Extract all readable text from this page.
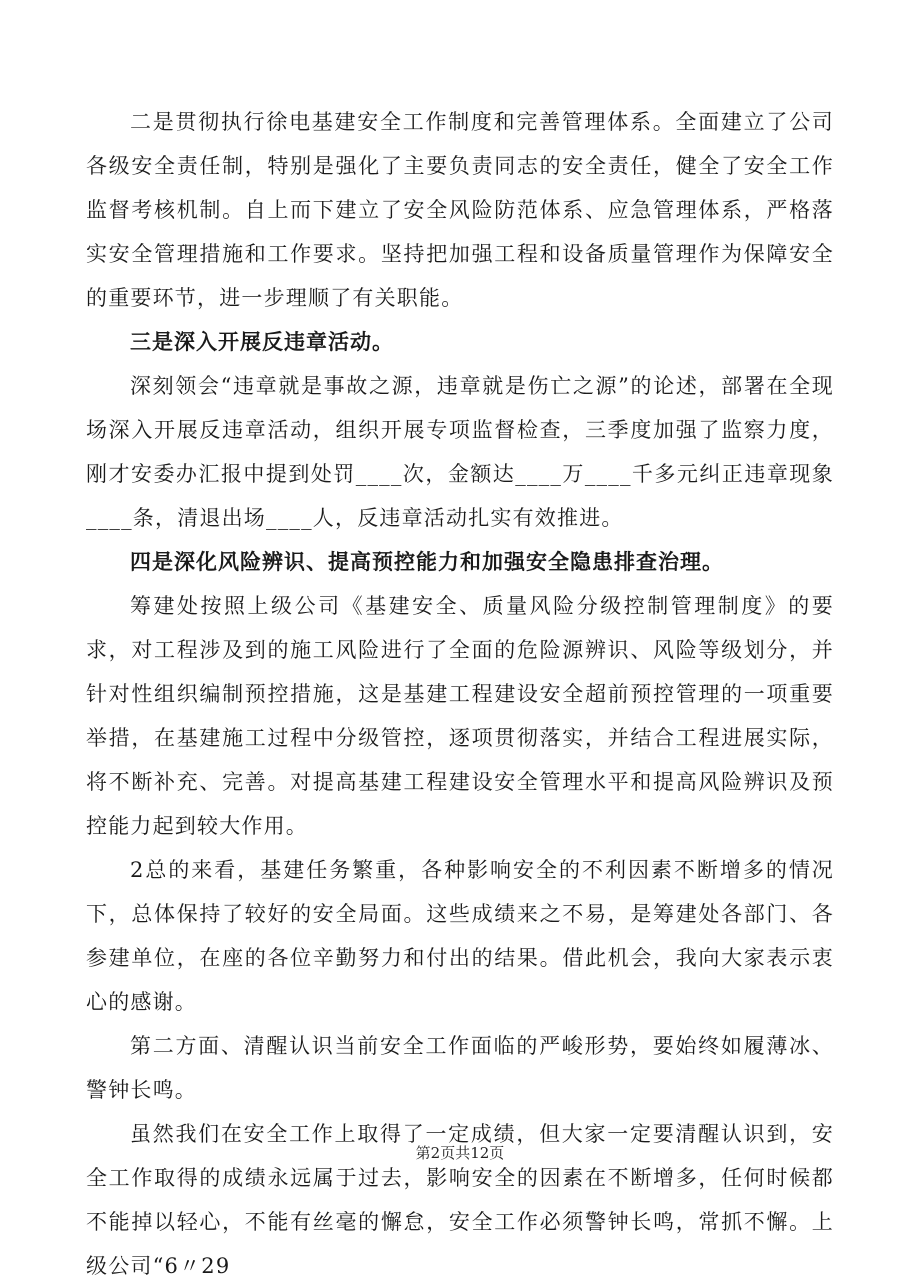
二是贯彻执行徐电基建安全工作制度和完善管理体系。全面建立了公司各级安全责任制，特别是强化了主要负责同志的安全责任，健全了安全工作监督考核机制。自上而下建立了安全风险防范体系、应急管理体系，严格落实安全管理措施和工作要求。坚持把加强工程和设备质量管理作为保障安全的重要环节，进一步理顺了有关职能。

三是深入开展反违章活动。

深刻领会“违章就是事故之源，违章就是伤亡之源”的论述，部署在全现场深入开展反违章活动，组织开展专项监督检查，三季度加强了监察力度，刚才安委办汇报中提到处罚____次，金额达____万____千多元纠正违章现象____条，清退出场____人，反违章活动扎实有效推进。

四是深化风险辨识、提高预控能力和加强安全隐患排查治理。

筹建处按照上级公司《基建安全、质量风险分级控制管理制度》的要求，对工程涉及到的施工风险进行了全面的危险源辨识、风险等级划分，并针对性组织编制预控措施，这是基建工程建设安全超前预控管理的一项重要举措，在基建施工过程中分级管控，逐项贯彻落实，并结合工程进展实际，将不断补充、完善。对提高基建工程建设安全管理水平和提高风险辨识及预控能力起到较大作用。

2总的来看，基建任务繁重，各种影响安全的不利因素不断增多的情况下，总体保持了较好的安全局面。这些成绩来之不易，是筹建处各部门、各参建单位，在座的各位辛勤努力和付出的结果。借此机会，我向大家表示衷心的感谢。

第二方面、清醒认识当前安全工作面临的严峻形势，要始终如履薄冰、警钟长鸣。

虽然我们在安全工作上取得了一定成绩，但大家一定要清醒认识到，安全工作取得的成绩永远属于过去，影响安全的因素在不断增多，任何时候都不能掉以轻心，不能有丝毫的懈怠，安全工作必须警钟长鸣，常抓不懈。上级公司“6〃29

第2页共12页
